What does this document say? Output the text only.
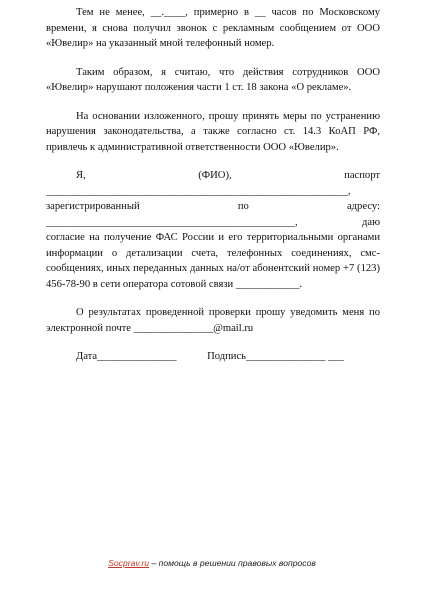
Тем не менее, __.____, примерно в __ часов по Московскому времени, я снова получил звонок с рекламным сообщением от ООО «Ювелир» на указанный мной телефонный номер.

Таким образом, я считаю, что действия сотрудников ООО «Ювелир» нарушают положения части 1 ст. 18 закона «О рекламе».

На основании изложенного, прошу принять меры по устранению нарушения законодательства, а также согласно ст. 14.3 КоАП РФ, привлечь к административной ответственности ООО «Ювелир».

Я,	(ФИО),	паспорт
_________________________________________________________,
зарегистрированный	по	адресу:
_______________________________________________,	даю
согласие на получение ФАС России и его территориальными органами информации о детализации счета, телефонных соединениях, смс-сообщениях, иных переданных данных на/от абонентский номер +7 (123) 456-78-90 в сети оператора сотовой связи ____________.

О результатах проведенной проверки прошу уведомить меня по электронной почте _______________@mail.ru

Дата_______________	Подпись_______________ ___
Socprav.ru – помощь в решении правовых вопросов
